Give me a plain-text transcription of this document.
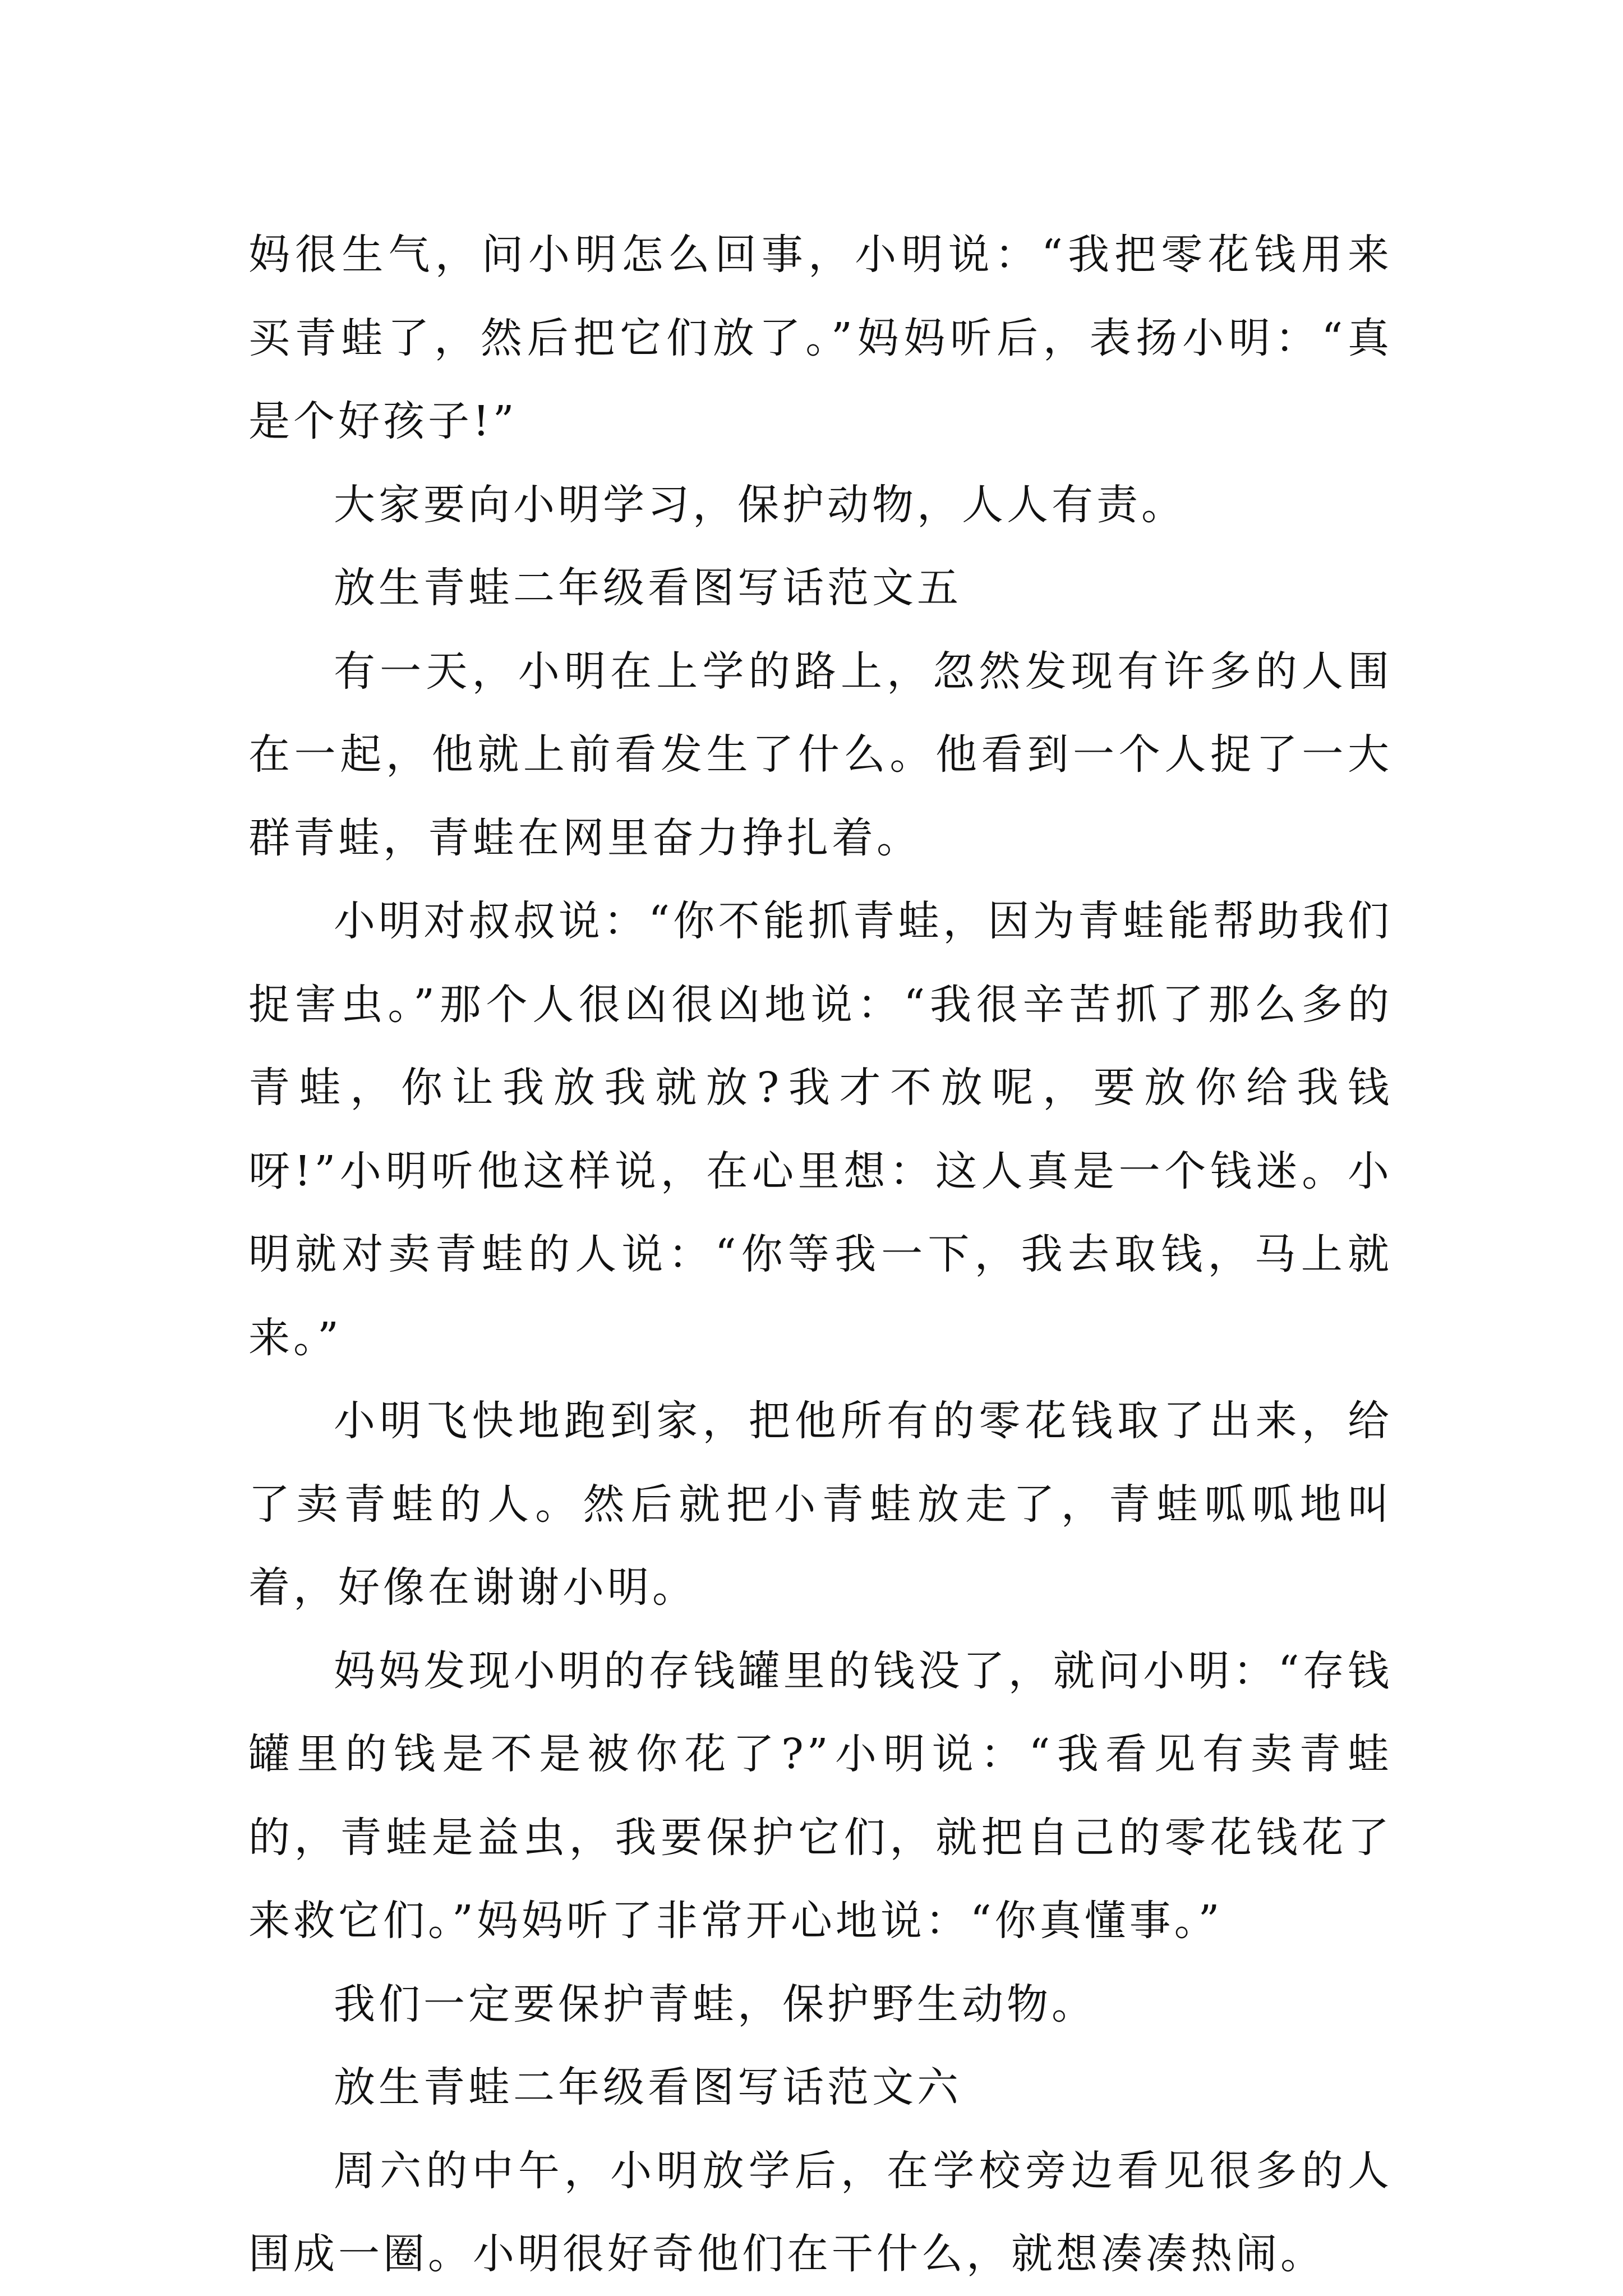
妈很生气，问小明怎么回事，小明说：“我把零花钱用来买青蛙了，然后把它们放了。”妈妈听后，表扬小明：“真是个好孩子!”

大家要向小明学习，保护动物，人人有责。

放生青蛙二年级看图写话范文五

有一天，小明在上学的路上，忽然发现有许多的人围在一起，他就上前看发生了什么。他看到一个人捉了一大群青蛙，青蛙在网里奋力挣扎着。

小明对叔叔说：“你不能抓青蛙，因为青蛙能帮助我们捉害虫。”那个人很凶很凶地说：“我很辛苦抓了那么多的青蛙，你让我放我就放?我才不放呢，要放你给我钱呀!”小明听他这样说，在心里想：这人真是一个钱迷。小明就对卖青蛙的人说：“你等我一下，我去取钱，马上就来。”

小明飞快地跑到家，把他所有的零花钱取了出来，给了卖青蛙的人。然后就把小青蛙放走了，青蛙呱呱地叫着，好像在谢谢小明。

妈妈发现小明的存钱罐里的钱没了，就问小明：“存钱罐里的钱是不是被你花了?”小明说：“我看见有卖青蛙的，青蛙是益虫，我要保护它们，就把自己的零花钱花了来救它们。”妈妈听了非常开心地说：“你真懂事。”

我们一定要保护青蛙，保护野生动物。

放生青蛙二年级看图写话范文六

周六的中午，小明放学后，在学校旁边看见很多的人围成一圈。小明很好奇他们在干什么，就想凑凑热闹。
